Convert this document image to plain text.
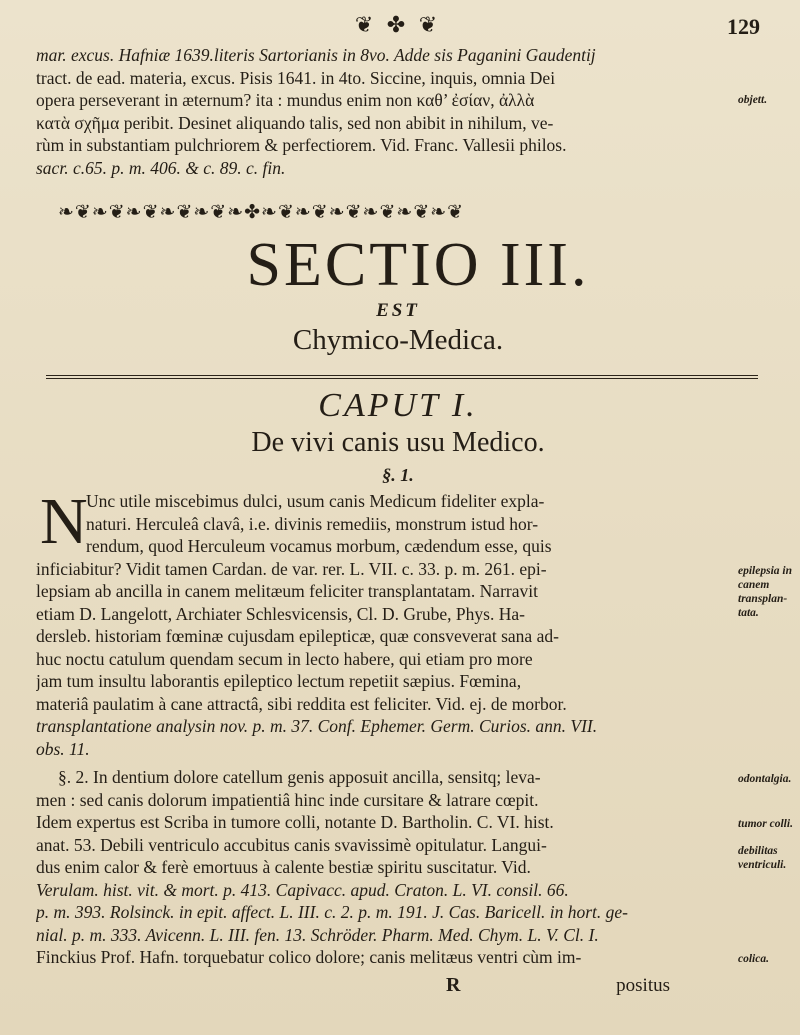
❦ ✤ ❦	129
mar. excus. Hafniæ 1639.literis Sartorianis in 8vo. Adde sis Paganini Gaudentij
tract. de ead. materia, excus. Pisis 1641. in 4to. Siccine, inquis, omnia Dei
opera perseverant in æternum? ita : mundus enim non καθ’ ἐσίαν, ἀλλὰ	objett.
κατὰ σχῆμα peribit. Desinet aliquando talis, sed non abibit in nihilum, ve-
rùm in substantiam pulchriorem & perfectiorem. Vid. Franc. Vallesii philos.
sacr. c.65. p. m. 406. & c. 89. c. fin.
❧❦❧❦❧❦❧❦❧❦❧✤❧❦❧❦❧❦❧❦❧❦❧❦
SECTIO III.
EST
Chymico-Medica.
CAPUT I.
De vivi canis usu Medico.
§. 1.
N
Unc utile miscebimus dulci, usum canis Medicum fideliter expla-
naturi. Herculeâ clavâ, i.e. divinis remediis, monstrum istud hor-
rendum, quod Herculeum vocamus morbum, cædendum esse, quis
inficiabitur? Vidit tamen Cardan. de var. rer. L. VII. c. 33. p. m. 261. epi-	epilepsia in canem transplan-tata.
lepsiam ab ancilla in canem melitæum feliciter transplantatam. Narravit
etiam D. Langelott, Archiater Schlesvicensis, Cl. D. Grube, Phys. Ha-
dersleb. historiam fœminæ cujusdam epilepticæ, quæ consveverat sana ad-
huc noctu catulum quendam secum in lecto habere, qui etiam pro more
jam tum insultu laborantis epileptico lectum repetiit sæpius. Fœmina,
materiâ paulatim à cane attractâ, sibi reddita est feliciter. Vid. ej. de morbor.
transplantatione analysin nov. p. m. 37. Conf. Ephemer. Germ. Curios. ann. VII.
obs. 11.
§. 2. In dentium dolore catellum genis apposuit ancilla, sensitq; leva-	odontalgia.
men : sed canis dolorum impatientiâ hinc inde cursitare & latrare cœpit.
Idem expertus est Scriba in tumore colli, notante D. Bartholin. C. VI. hist.	tumor colli.
anat. 53. Debili ventriculo accubitus canis svavissimè opitulatur. Langui-	debilitas ventriculi.
dus enim calor & ferè emortuus à calente bestiæ spiritu suscitatur. Vid.
Verulam. hist. vit. & mort. p. 413. Capivacc. apud. Craton. L. VI. consil. 66.
p. m. 393. Rolsinck. in epit. affect. L. III. c. 2. p. m. 191. J. Cas. Baricell. in hort. ge-
nial. p. m. 333. Avicenn. L. III. fen. 13. Schröder. Pharm. Med. Chym. L. V. Cl. I.
Finckius Prof. Hafn. torquebatur colico dolore; canis melitæus ventri cùm im-	colica.
R	positus
